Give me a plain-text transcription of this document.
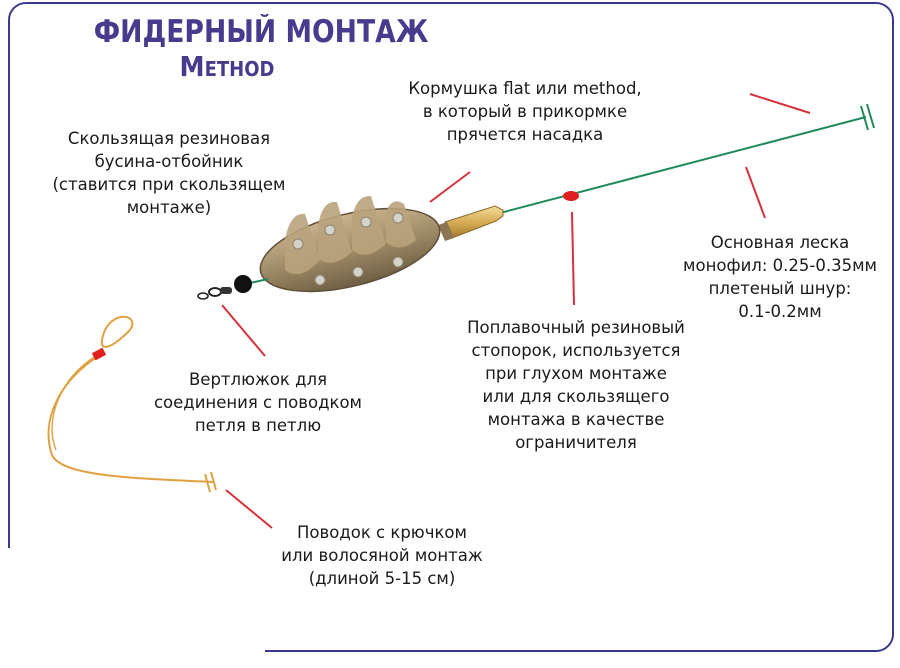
ФИДЕРНЫЙ МОНТАЖ
Method
Кормушка flat или method,
в который в прикормке
прячется насадка
Скользящая резиновая
бусина-отбойник
(ставится при скользящем
монтаже)
Основная леска
монофил: 0.25-0.35мм
плетеный шнур:
0.1-0.2мм
Поплавочный резиновый
стопорок, используется
при глухом монтаже
или для скользящего
монтажа в качестве
ограничителя
Вертлюжок для
соединения с поводком
петля в петлю
Поводок с крючком
или волосяной монтаж
(длиной 5-15 см)
